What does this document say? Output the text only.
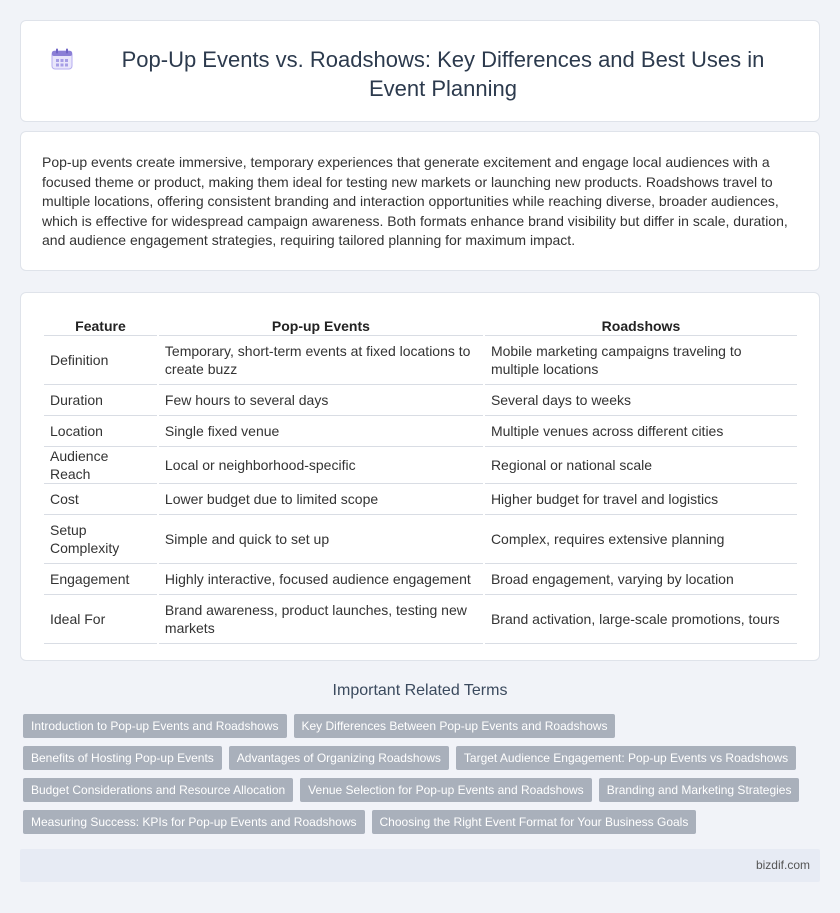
Pop-Up Events vs. Roadshows: Key Differences and Best Uses in Event Planning

Pop-up events create immersive, temporary experiences that generate excitement and engage local audiences with a focused theme or product, making them ideal for testing new markets or launching new products. Roadshows travel to multiple locations, offering consistent branding and interaction opportunities while reaching diverse, broader audiences, which is effective for widespread campaign awareness. Both formats enhance brand visibility but differ in scale, duration, and audience engagement strategies, requiring tailored planning for maximum impact.

Feature	Pop-up Events	Roadshows
Definition	Temporary, short-term events at fixed locations to create buzz	Mobile marketing campaigns traveling to multiple locations
Duration	Few hours to several days	Several days to weeks
Location	Single fixed venue	Multiple venues across different cities
Audience Reach	Local or neighborhood-specific	Regional or national scale
Cost	Lower budget due to limited scope	Higher budget for travel and logistics
Setup Complexity	Simple and quick to set up	Complex, requires extensive planning
Engagement	Highly interactive, focused audience engagement	Broad engagement, varying by location
Ideal For	Brand awareness, product launches, testing new markets	Brand activation, large-scale promotions, tours
Important Related Terms
Introduction to Pop-up Events and Roadshows	Key Differences Between Pop-up Events and Roadshows
Benefits of Hosting Pop-up Events	Advantages of Organizing Roadshows	Target Audience Engagement: Pop-up Events vs Roadshows
Budget Considerations and Resource Allocation	Venue Selection for Pop-up Events and Roadshows	Branding and Marketing Strategies
Measuring Success: KPIs for Pop-up Events and Roadshows	Choosing the Right Event Format for Your Business Goals
bizdif.com
